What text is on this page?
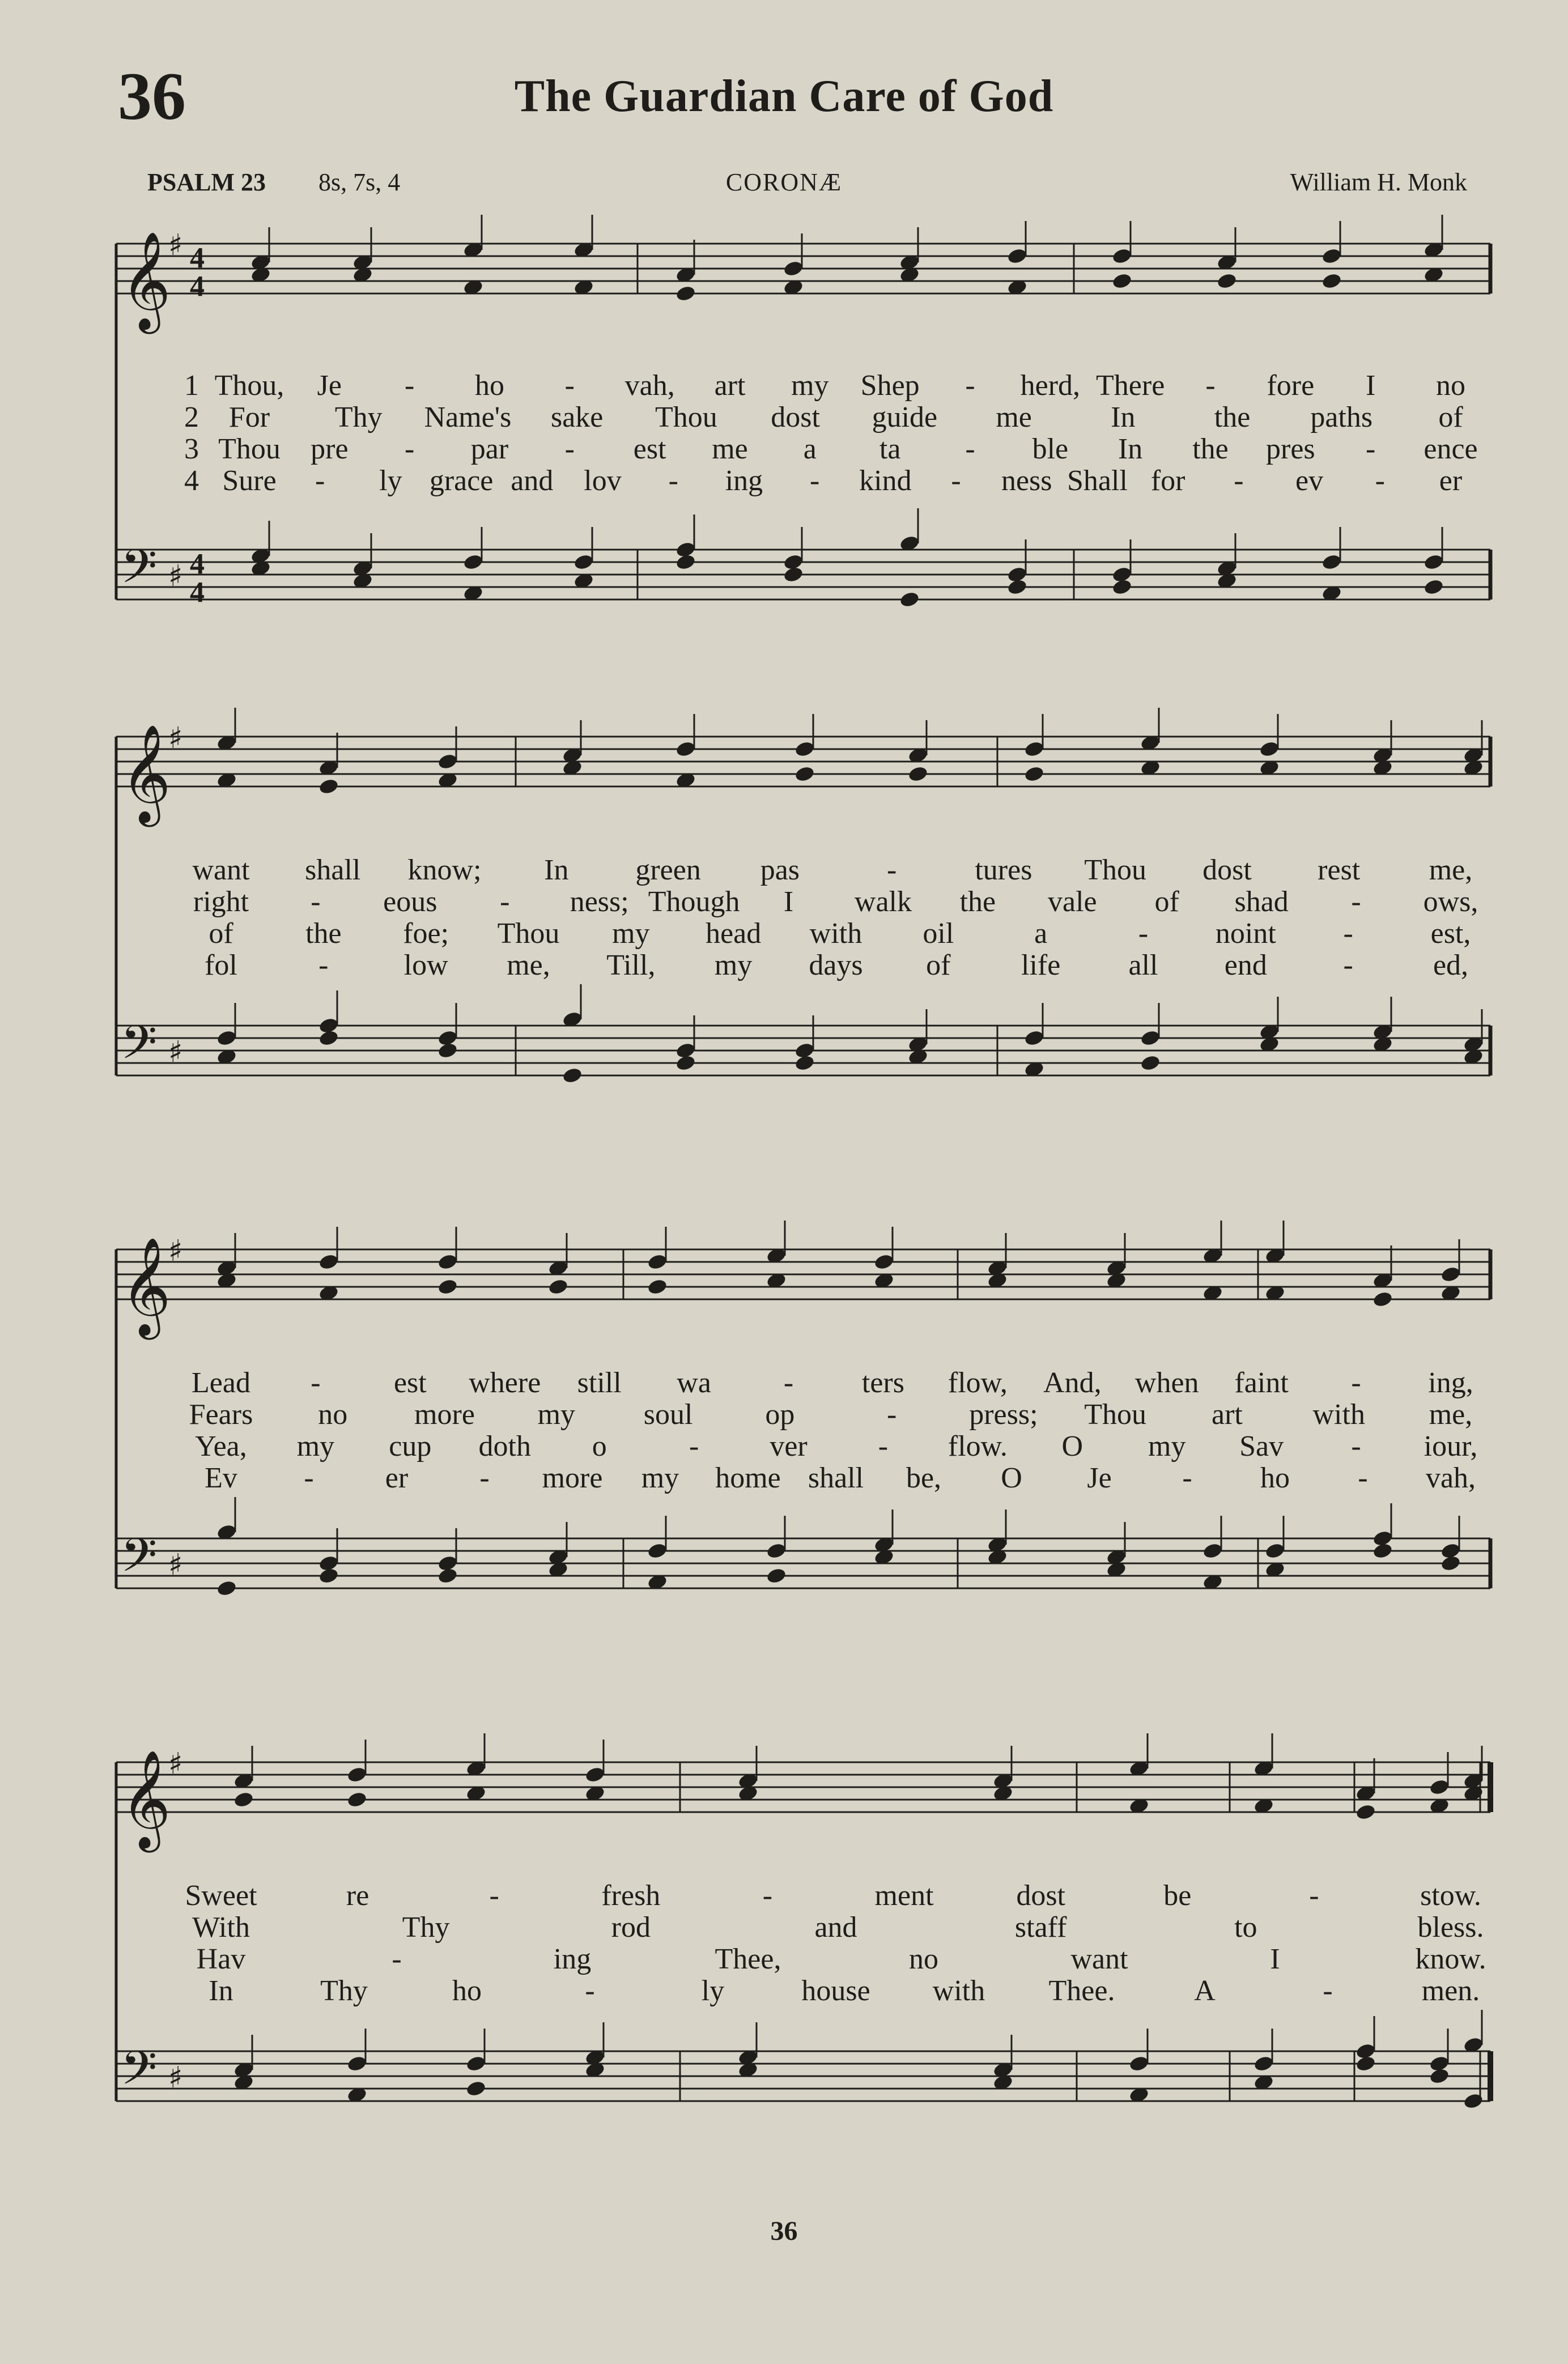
36	The Guardian Care of God
PSALM 23 8s, 7s, 4	CORONÆ	William H. Monk
𝄞
♯ 4
4
𝄢 ♯ 4
4
1 Thou, Je - ho - vah, art my Shep - herd, There - fore I no
2 For Thy Name's sake Thou dost guide me	In	the paths of
3 Thou pre - par - est me a ta - ble In the pres - ence
4 Sure - ly grace and lov - ing - kind - ness Shall for - ev - er
𝄞
♯
𝄢 ♯
want shall know; In green pas	-	tures Thou dost rest me,
right - eous - ness; Though I walk the vale of shad - ows,
of the foe; Thou my head with oil	a	- noint -	est,
fol	-	low me, Till, my days of life all end	-	ed,
𝄞
♯
𝄢 ♯
Lead - est where still wa - ters flow, And, when faint - ing,
Fears no more my soul op	- press; Thou art with me,
Yea, my cup doth o	- ver - flow. O my Sav - iour,
Ev - er - more my home shall be, O Je - ho - vah,
𝄞
♯
𝄢 ♯
Sweet	re	-	fresh	-	ment	dost	be	-	stow.
With	Thy	rod	and	staff	to	bless.
Hav	-	ing	Thee,	no	want	I	know.
In	Thy	ho	-	ly	house with Thee.	A	-	men.
36
